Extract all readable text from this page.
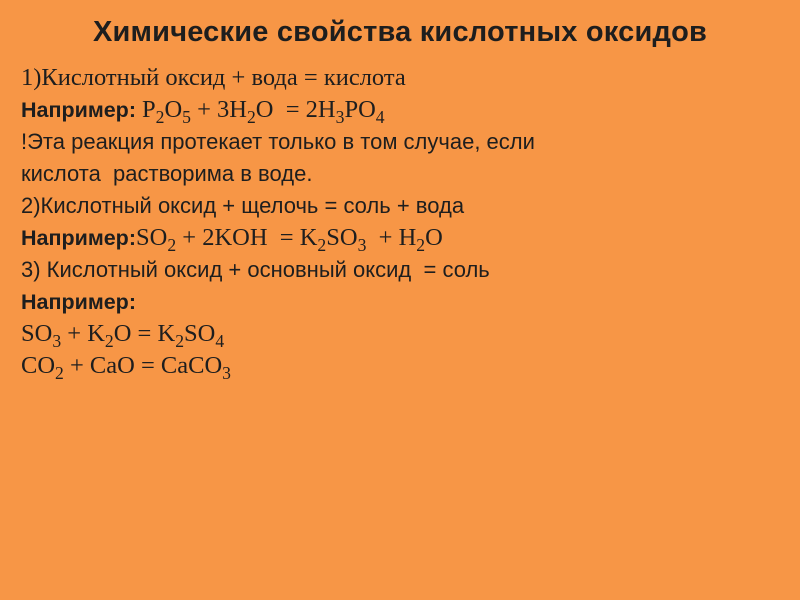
Химические свойства кислотных оксидов
1)Кислотный оксид + вода = кислота
Например: $P_2O_5 + 3H_2O = 2H_3PO_4$
!Эта реакция протекает только в том случае, если
кислота  растворима в воде.
2)Кислотный оксид + щелочь = соль + вода
$Например:SO_2 + 2KOH = K_2SO_3 + H_2O$
3) Кислотный оксид + основный оксид  = соль
Например:
$SO_3 + K_2O = K_2SO_4$
$CO_2$ + CaO = CaCO$_3$
